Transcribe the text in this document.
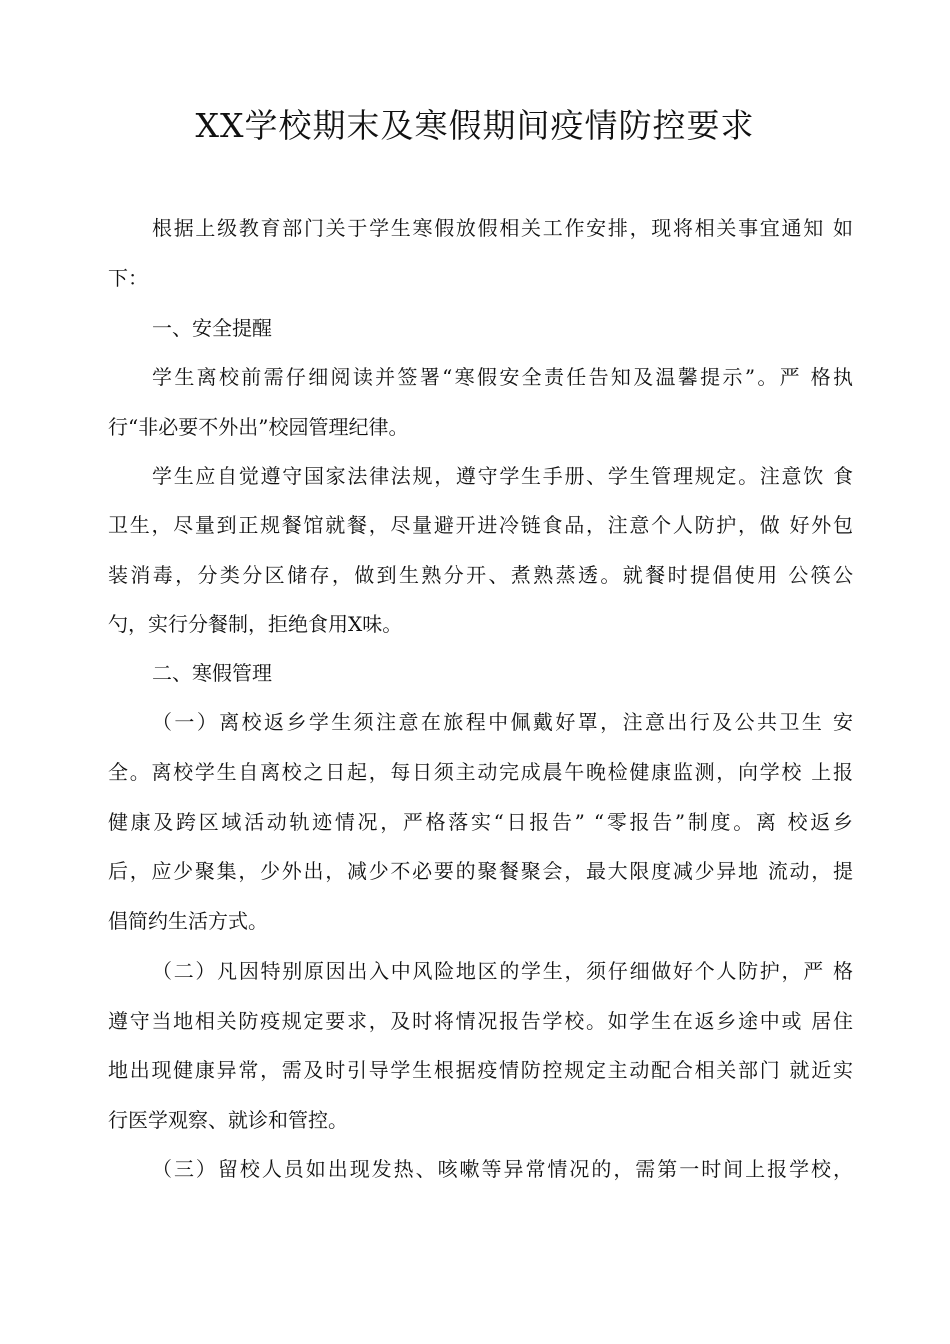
XX学校期末及寒假期间疫情防控要求

根据上级教育部门关于学生寒假放假相关工作安排，现将相关事宜通知 如

下：

一、安全提醒

学生离校前需仔细阅读并签署“寒假安全责任告知及温馨提示”。严 格执

行“非必要不外出”校园管理纪律。

学生应自觉遵守国家法律法规，遵守学生手册、学生管理规定。注意饮 食

卫生，尽量到正规餐馆就餐，尽量避开进冷链食品，注意个人防护，做 好外包

装消毒，分类分区储存，做到生熟分开、煮熟蒸透。就餐时提倡使用 公筷公

勺，实行分餐制，拒绝食用X味。

二、寒假管理

（一）离校返乡学生须注意在旅程中佩戴好罩，注意出行及公共卫生 安

全。离校学生自离校之日起，每日须主动完成晨午晚检健康监测，向学校 上报

健康及跨区域活动轨迹情况，严格落实“日报告” “零报告”制度。离 校返乡

后，应少聚集，少外出，减少不必要的聚餐聚会，最大限度减少异地 流动，提

倡简约生活方式。

（二）凡因特别原因出入中风险地区的学生，须仔细做好个人防护，严 格

遵守当地相关防疫规定要求，及时将情况报告学校。如学生在返乡途中或 居住

地出现健康异常，需及时引导学生根据疫情防控规定主动配合相关部门 就近实

行医学观察、就诊和管控。

（三）留校人员如出现发热、咳嗽等异常情况的，需第一时间上报学校，
